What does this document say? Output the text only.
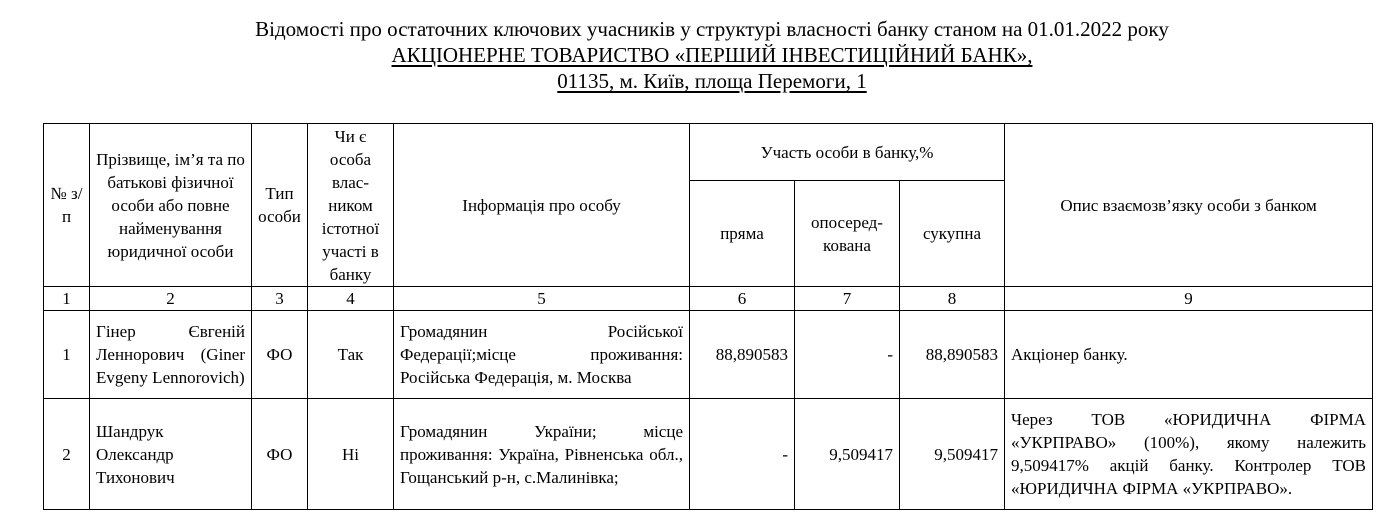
Відомості про остаточних ключових учасників у структурі власності банку станом на 01.01.2022 року
АКЦІОНЕРНЕ ТОВАРИСТВО «ПЕРШИЙ ІНВЕСТИЦІЙНИЙ БАНК»,
01135, м. Київ, площа Перемоги, 1
№ з/п	Прізвище, ім’я та по батькові фізичної особи або повне найменування юридичної особи	Тип особи	Чи є особа влас-ником істотної участі в банку	Інформація про особу	Участь особи в банку,%			Опис взаємозв’язку особи з банком
					пряма	опосеред-кована	сукупна	
1	2	3	4	5	6	7	8	9
1	Гінер Євгеній Леннорович (Giner Evgeny Lennorovich)	ФО	Так	Громадянин Російської Федерації;місце проживання: Російська Федерація, м. Москва	88,890583	-	88,890583	Акціонер банку.
2	Шандрук Олександр Тихонович	ФО	Ні	Громадянин України; місце проживання: Україна, Рівненська обл., Гощанський р-н, с.Малинівка;	-	9,509417	9,509417	Через ТОВ «ЮРИДИЧНА ФІРМА «УКРПРАВО» (100%), якому належить 9,509417% акцій банку. Контролер ТОВ «ЮРИДИЧНА ФІРМА «УКРПРАВО».
